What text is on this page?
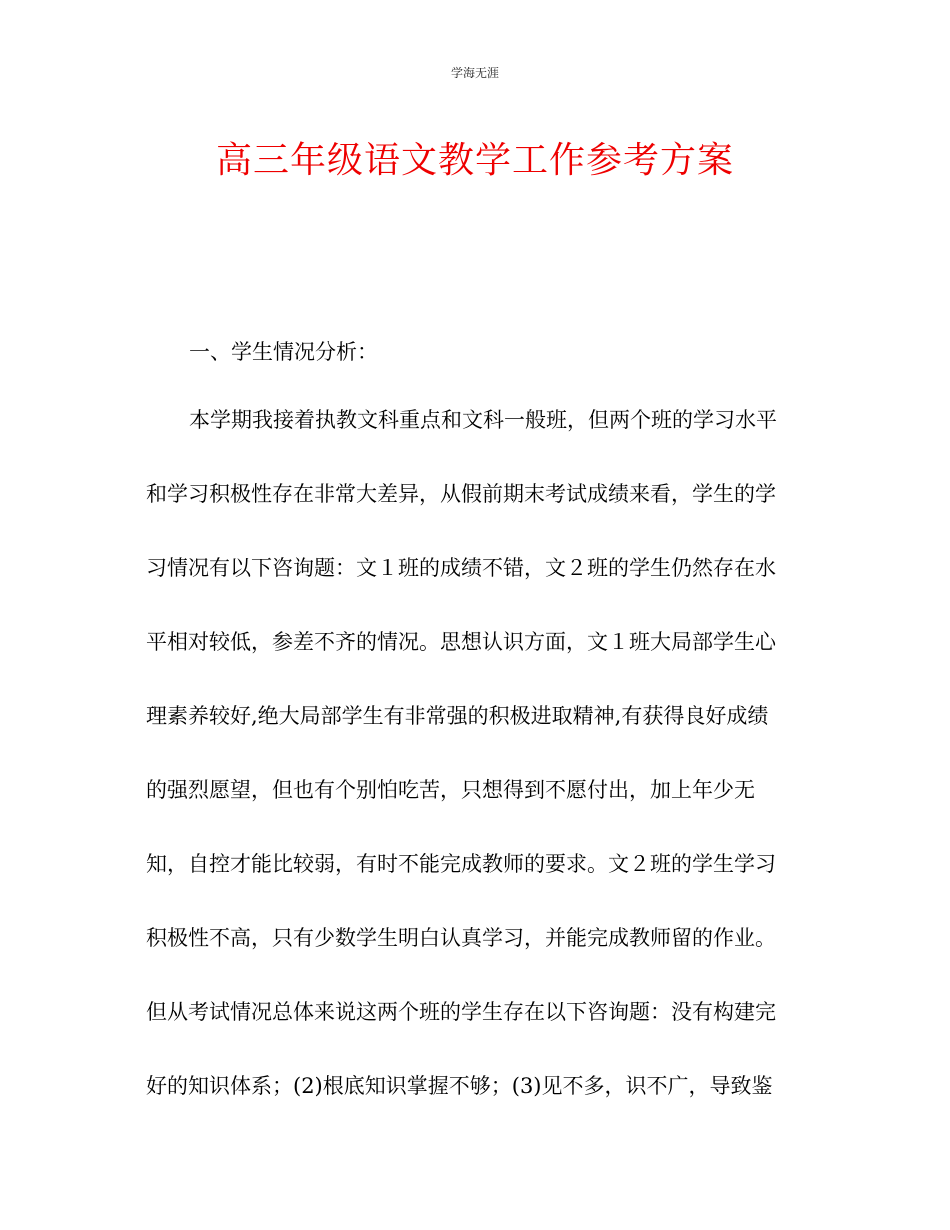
学海无涯
高三年级语文教学工作参考方案
一、学生情况分析：
本学期我接着执教文科重点和文科一般班，但两个班的学习水平
和学习积极性存在非常大差异，从假前期末考试成绩来看，学生的学
习情况有以下咨询题：文１班的成绩不错，文２班的学生仍然存在水
平相对较低，参差不齐的情况。思想认识方面，文１班大局部学生心
理素养较好,绝大局部学生有非常强的积极进取精神,有获得良好成绩
的强烈愿望，但也有个别怕吃苦，只想得到不愿付出，加上年少无
知，自控才能比较弱，有时不能完成教师的要求。文２班的学生学习
积极性不高，只有少数学生明白认真学习，并能完成教师留的作业。
但从考试情况总体来说这两个班的学生存在以下咨询题：没有构建完
好的知识体系；(2)根底知识掌握不够；(3)见不多，识不广，导致鉴
